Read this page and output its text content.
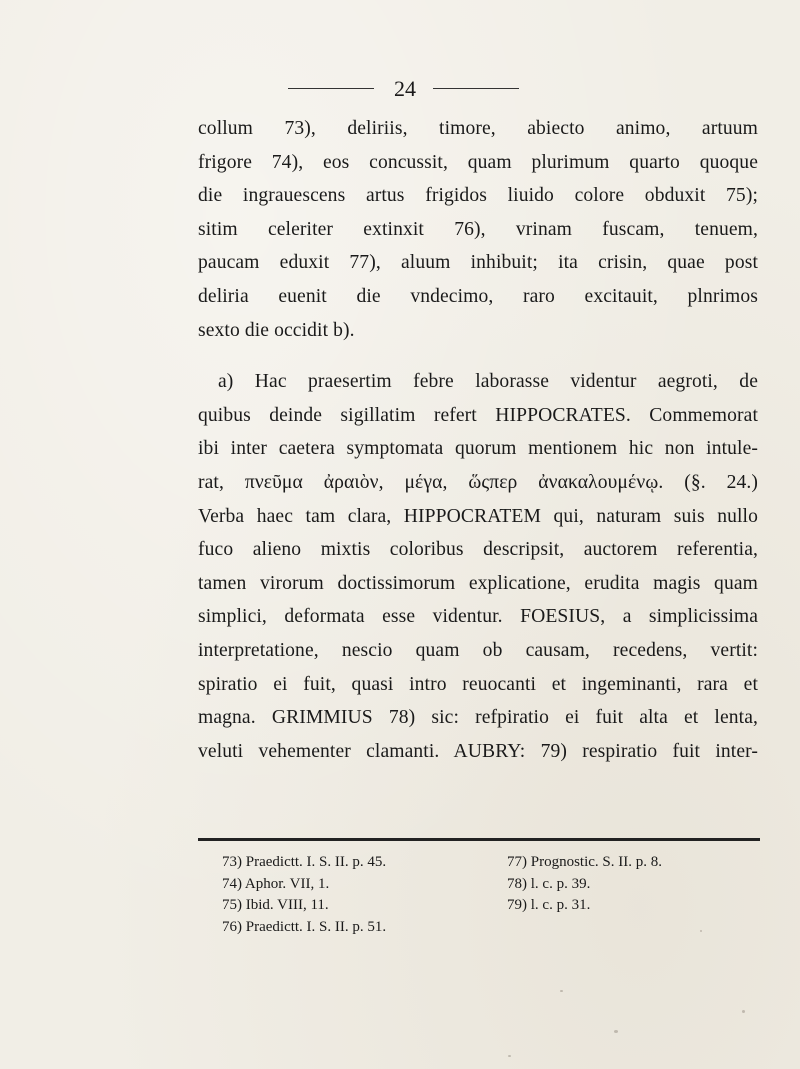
24
collum 73), deliriis, timore, abiecto animo, artuum
frigore 74), eos concussit, quam plurimum quarto quoque
die ingrauescens artus frigidos liuido colore obduxit 75);
sitim celeriter extinxit 76), vrinam fuscam, tenuem,
paucam eduxit 77), aluum inhibuit; ita crisin, quae post
deliria euenit die vndecimo, raro excitauit, plnrimos
sexto die occidit b).
a) Hac praesertim febre laborasse videntur aegroti, de
quibus deinde sigillatim refert HIPPOCRATES. Commemorat
ibi inter caetera symptomata quorum mentionem hic non intule-
rat, πνεῦμα ἀραιὸν, μέγα, ὥςπερ ἀνακαλουμένῳ. (§. 24.)
Verba haec tam clara, HIPPOCRATEM qui, naturam suis nullo
fuco alieno mixtis coloribus descripsit, auctorem referentia,
tamen virorum doctissimorum explicatione, erudita magis quam
simplici, deformata esse videntur. FOESIUS, a simplicissima
interpretatione, nescio quam ob causam, recedens, vertit:
spiratio ei fuit, quasi intro reuocanti et ingeminanti, rara et
magna. GRIMMIUS 78) sic: refpiratio ei fuit alta et lenta,
veluti vehementer clamanti. AUBRY: 79) respiratio fuit inter-
73) Praedictt. I. S. II. p. 45.
74) Aphor. VII, 1.
75) Ibid. VIII, 11.
76) Praedictt. I. S. II. p. 51.
77) Prognostic. S. II. p. 8.
78) l. c. p. 39.
79) l. c. p. 31.
